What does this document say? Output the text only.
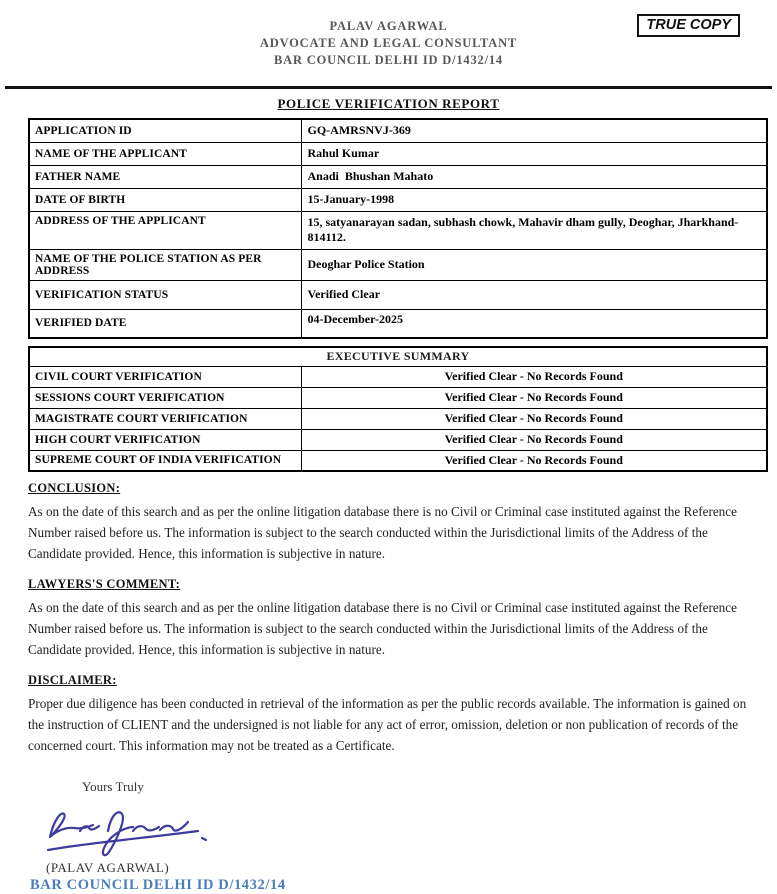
PALAV AGARWAL
ADVOCATE AND LEGAL CONSULTANT
BAR COUNCIL DELHI ID D/1432/14
TRUE COPY
POLICE VERIFICATION REPORT
APPLICATION ID	GQ-AMRSNVJ-369
NAME OF THE APPLICANT	Rahul Kumar
FATHER NAME	Anadi  Bhushan Mahato
DATE OF BIRTH	15-January-1998
ADDRESS OF THE APPLICANT	15, satyanarayan sadan, subhash chowk, Mahavir dham gully, Deoghar, Jharkhand-814112.
NAME OF THE POLICE STATION AS PER ADDRESS	Deoghar Police Station
VERIFICATION STATUS	Verified Clear
VERIFIED DATE	04-December-2025
EXECUTIVE SUMMARY	
CIVIL COURT VERIFICATION	Verified Clear - No Records Found
SESSIONS COURT VERIFICATION	Verified Clear - No Records Found
MAGISTRATE COURT VERIFICATION	Verified Clear - No Records Found
HIGH COURT VERIFICATION	Verified Clear - No Records Found
SUPREME COURT OF INDIA VERIFICATION	Verified Clear - No Records Found
CONCLUSION:
As on the date of this search and as per the online litigation database there is no Civil or Criminal case instituted against the Reference Number raised before us. The information is subject to the search conducted within the Jurisdictional limits of the Address of the Candidate provided. Hence, this information is subjective in nature.
LAWYERS'S COMMENT:
As on the date of this search and as per the online litigation database there is no Civil or Criminal case instituted against the Reference Number raised before us. The information is subject to the search conducted within the Jurisdictional limits of the Address of the Candidate provided. Hence, this information is subjective in nature.
DISCLAIMER:
Proper due diligence has been conducted in retrieval of the information as per the public records available. The information is gained on the instruction of CLIENT and the undersigned is not liable for any act of error, omission, deletion or non publication of records of the concerned court. This information may not be treated as a Certificate.
Yours Truly
(PALAV AGARWAL)
BAR COUNCIL DELHI ID D/1432/14
